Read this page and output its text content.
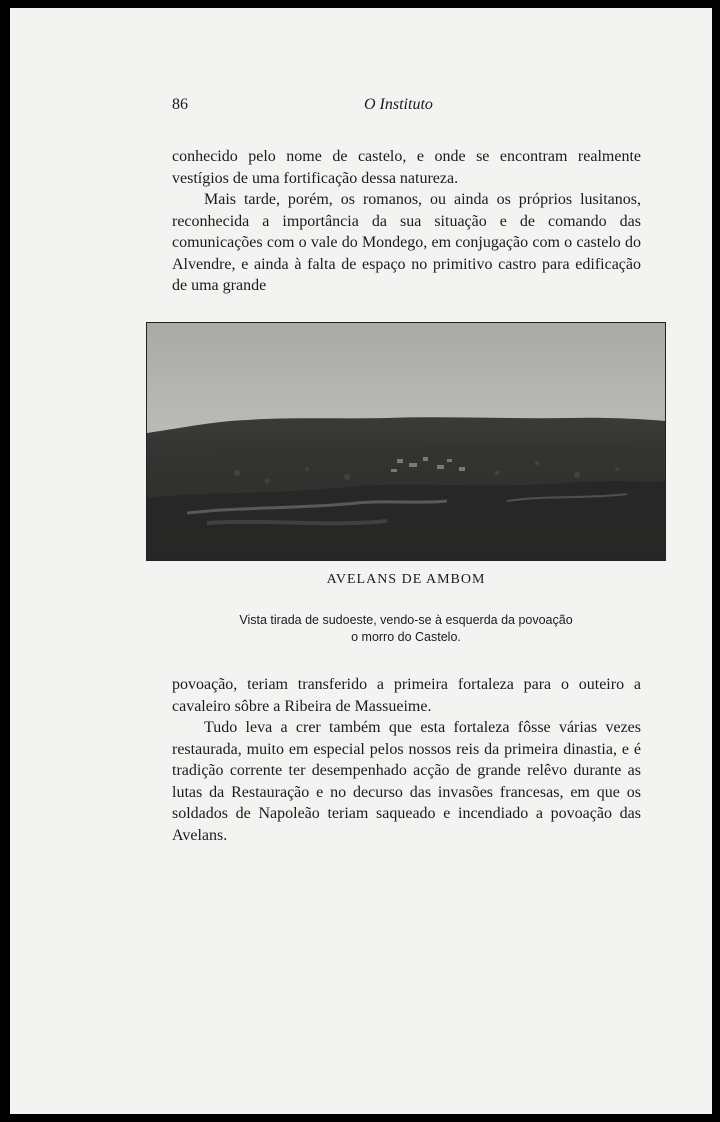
86	O Instituto

conhecido pelo nome de castelo, e onde se encontram realmente vestígios de uma fortificação dessa natureza.

Mais tarde, porém, os romanos, ou ainda os próprios lusitanos, reconhecida a importância da sua situação e de comando das comunicações com o vale do Mondego, em conjugação com o castelo do Alvendre, e ainda à falta de espaço no primitivo castro para edificação de uma grande

AVELANS DE AMBOM
Vista tirada de sudoeste, vendo-se à esquerda da povoação
o morro do Castelo.

povoação, teriam transferido a primeira fortaleza para o outeiro a cavaleiro sôbre a Ribeira de Massueime.

Tudo leva a crer também que esta fortaleza fôsse várias vezes restaurada, muito em especial pelos nossos reis da primeira dinastia, e é tradição corrente ter desempenhado acção de grande relêvo durante as lutas da Restauração e no decurso das invasões francesas, em que os soldados de Napoleão teriam saqueado e incendiado a povoação das Avelans.
